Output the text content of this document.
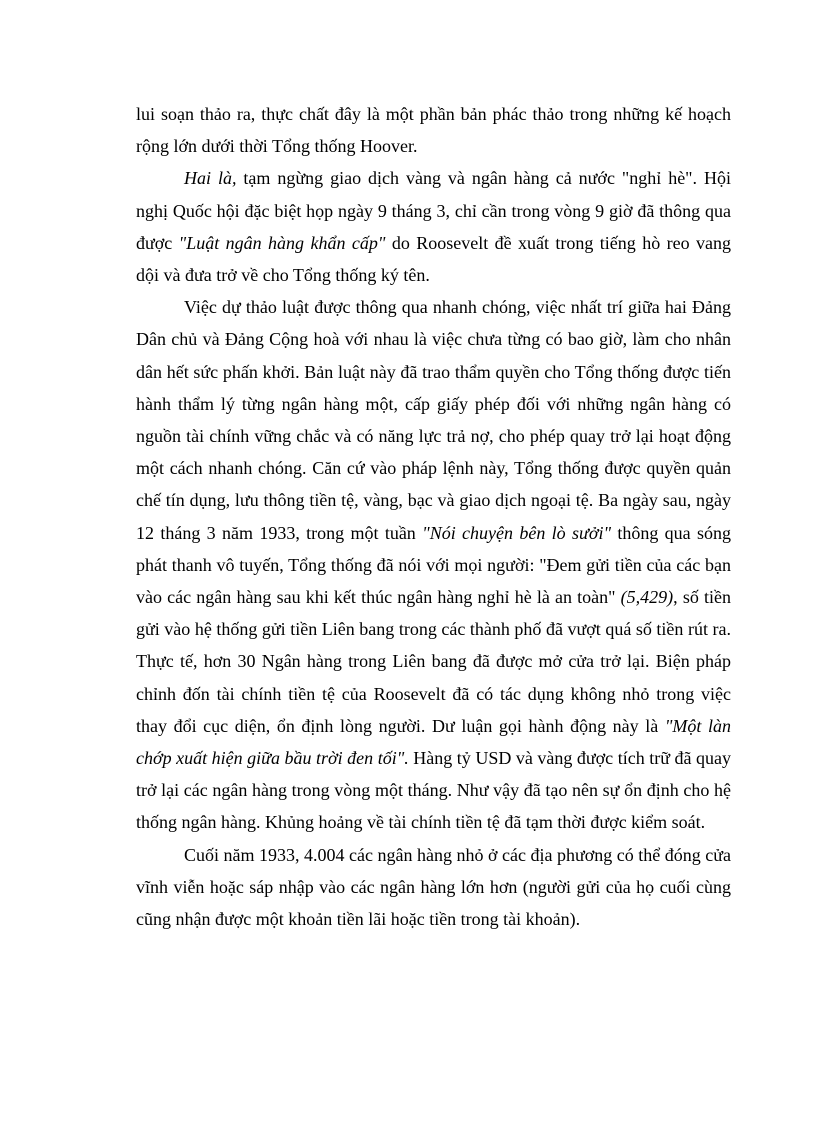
lui soạn thảo ra, thực chất đây là một phần bản phác thảo trong những kế hoạch rộng lớn dưới thời Tổng thống Hoover.

Hai là, tạm ngừng giao dịch vàng và ngân hàng cả nước "nghỉ hè". Hội nghị Quốc hội đặc biệt họp ngày 9 tháng 3, chỉ cần trong vòng 9 giờ đã thông qua được "Luật ngân hàng khẩn cấp" do Roosevelt đề xuất trong tiếng hò reo vang dội và đưa trở về cho Tổng thống ký tên.

Việc dự thảo luật được thông qua nhanh chóng, việc nhất trí giữa hai Đảng Dân chủ và Đảng Cộng hoà với nhau là việc chưa từng có bao giờ, làm cho nhân dân hết sức phấn khởi. Bản luật này đã trao thẩm quyền cho Tổng thống được tiến hành thẩm lý từng ngân hàng một, cấp giấy phép đối với những ngân hàng có nguồn tài chính vững chắc và có năng lực trả nợ, cho phép quay trở lại hoạt động một cách nhanh chóng. Căn cứ vào pháp lệnh này, Tổng thống được quyền quản chế tín dụng, lưu thông tiền tệ, vàng, bạc và giao dịch ngoại tệ. Ba ngày sau, ngày 12 tháng 3 năm 1933, trong một tuần "Nói chuyện bên lò sưởi" thông qua sóng phát thanh vô tuyến, Tổng thống đã nói với mọi người: "Đem gửi tiền của các bạn vào các ngân hàng sau khi kết thúc ngân hàng nghỉ hè là an toàn" (5,429), số tiền gửi vào hệ thống gửi tiền Liên bang trong các thành phố đã vượt quá số tiền rút ra. Thực tế, hơn 30 Ngân hàng trong Liên bang đã được mở cửa trở lại. Biện pháp chỉnh đốn tài chính tiền tệ của Roosevelt đã có tác dụng không nhỏ trong việc thay đổi cục diện, ổn định lòng người. Dư luận gọi hành động này là "Một làn chớp xuất hiện giữa bầu trời đen tối". Hàng tỷ USD và vàng được tích trữ đã quay trở lại các ngân hàng trong vòng một tháng. Như vậy đã tạo nên sự ổn định cho hệ thống ngân hàng. Khủng hoảng về tài chính tiền tệ đã tạm thời được kiểm soát.

Cuối năm 1933, 4.004 các ngân hàng nhỏ ở các địa phương có thể đóng cửa vĩnh viễn hoặc sáp nhập vào các ngân hàng lớn hơn (người gửi của họ cuối cùng cũng nhận được một khoản tiền lãi hoặc tiền trong tài khoản).
